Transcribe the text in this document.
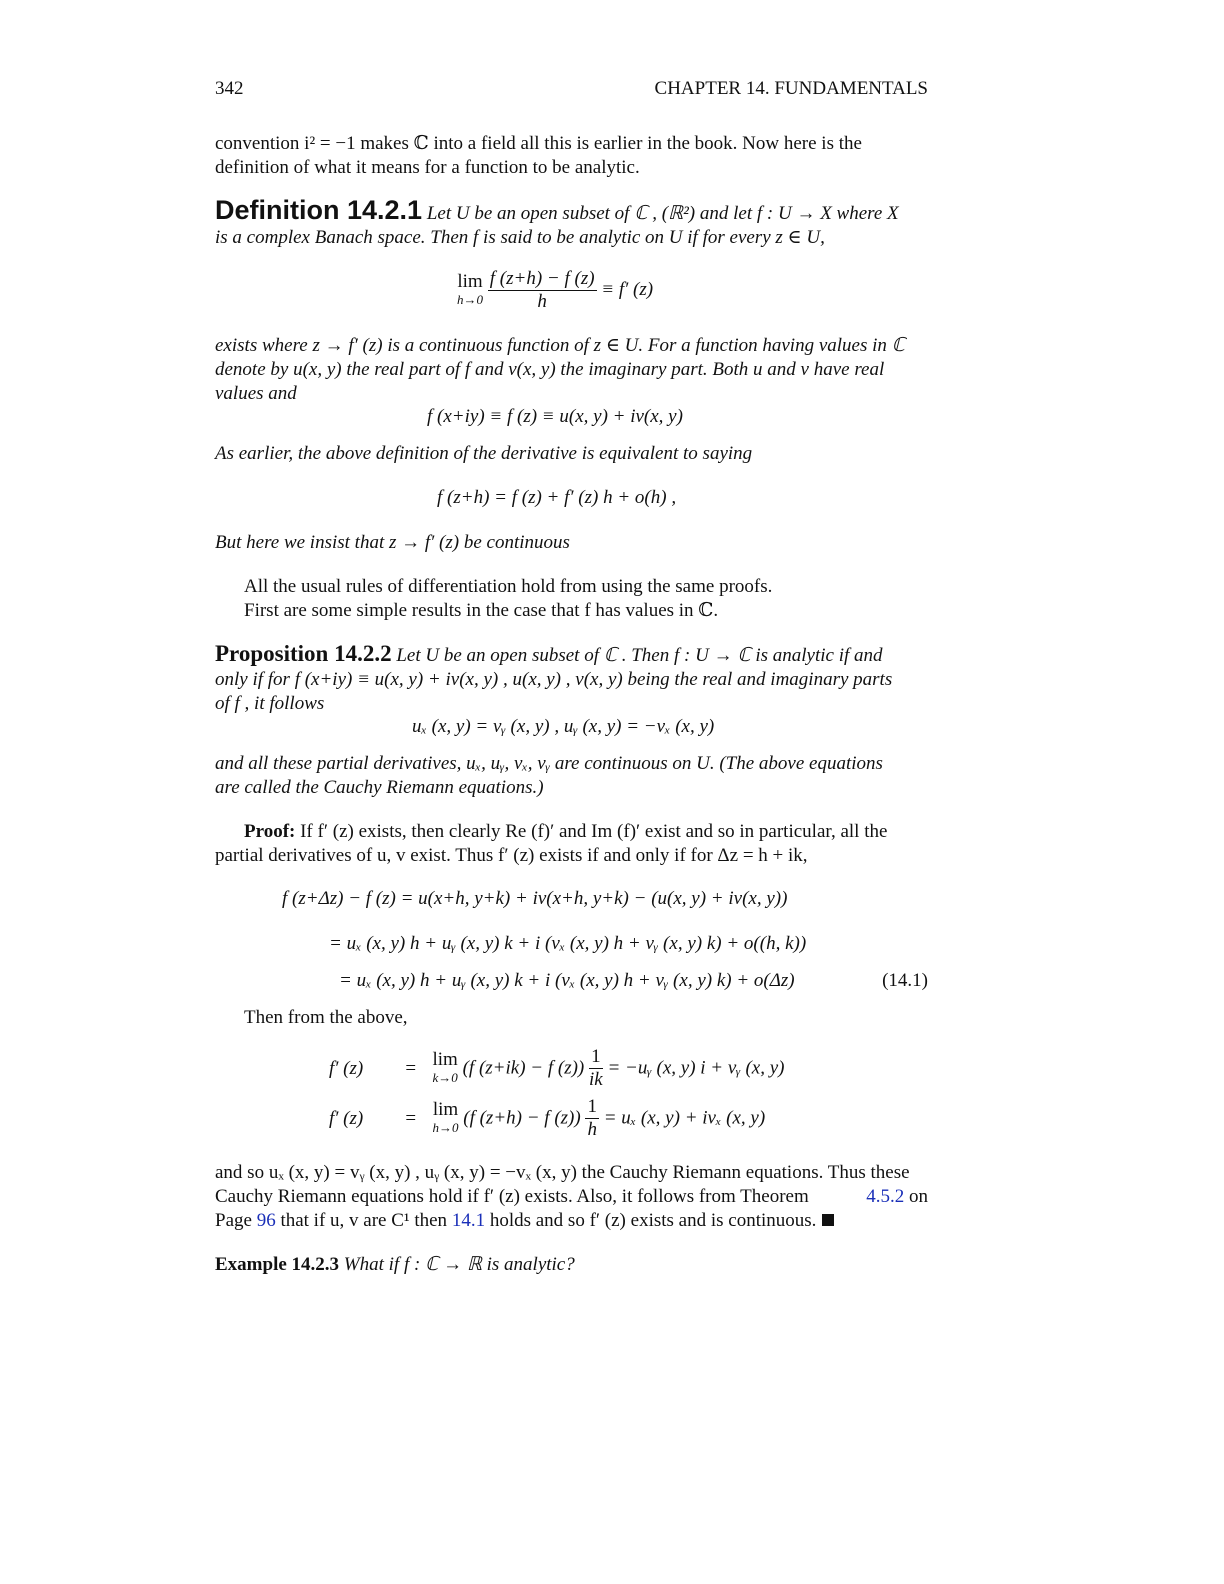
342	CHAPTER 14. FUNDAMENTALS
convention i² = −1 makes ℂ into a field all this is earlier in the book. Now here is the
definition of what it means for a function to be analytic.
Definition 14.2.1 Let U be an open subset of ℂ , (ℝ²) and let f : U → X where X
is a complex Banach space. Then f is said to be analytic on U if for every z ∈ U,
lim
h→0
$\frac{f (z+h) - f (z)}{h} \equiv f'$ (z)
exists where z → f′ (z) is a continuous function of z ∈ U. For a function having values in ℂ
denote by u(x, y) the real part of f and v(x, y) the imaginary part. Both u and v have real
values and
f (x+iy) ≡ f (z) ≡ u(x, y) + iv(x, y)
As earlier, the above definition of the derivative is equivalent to saying
f (z+h) = f (z) + f′ (z) h + o(h) ,
But here we insist that z → f′ (z) be continuous
All the usual rules of differentiation hold from using the same proofs.
First are some simple results in the case that f has values in ℂ.
Proposition 14.2.2 Let U be an open subset of ℂ . Then f : U → ℂ is analytic if and
only if for f (x+iy) ≡ u(x, y) + iv(x, y) , u(x, y) , v(x, y) being the real and imaginary parts
of f , it follows
uₓ (x, y) = vᵧ (x, y) , uᵧ (x, y) = −vₓ (x, y)
and all these partial derivatives, uₓ, uᵧ, vₓ, vᵧ are continuous on U. (The above equations
are called the Cauchy Riemann equations.)
Proof: If f′ (z) exists, then clearly Re (f)′ and Im (f)′ exist and so in particular, all the
partial derivatives of u, v exist. Thus f′ (z) exists if and only if for Δz = h + ik,
f (z+Δz) − f (z) = u(x+h, y+k) + iv(x+h, y+k) − (u(x, y) + iv(x, y))
= uₓ (x, y) h + uᵧ (x, y) k + i (vₓ (x, y) h + vᵧ (x, y) k) + o((h, k))
= uₓ (x, y) h + uᵧ (x, y) k + i (vₓ (x, y) h + vᵧ (x, y) k) + o(Δz)	(14.1)
Then from the above,
f′ (z) = lim
k→0 (f (z+ik) − f $(z)) \frac{1}{ik}$ = −uᵧ (x, y) i + vᵧ (x, y)
f′ (z) = lim
h→0 (f (z+h) − f $(z)) \frac{1}{h} = u_x$ (x, y) + ivₓ (x, y)
and so uₓ (x, y) = vᵧ (x, y) , uᵧ (x, y) = −vₓ (x, y) the Cauchy Riemann equations. Thus these
Cauchy Riemann equations hold if f′ (z) exists. Also, it follows from Theorem	4.5.2 on
Page 96 that if u, v are C¹ then 14.1 holds and so f′ (z) exists and is continuous.
Example 14.2.3 What if f : ℂ → ℝ is analytic?
